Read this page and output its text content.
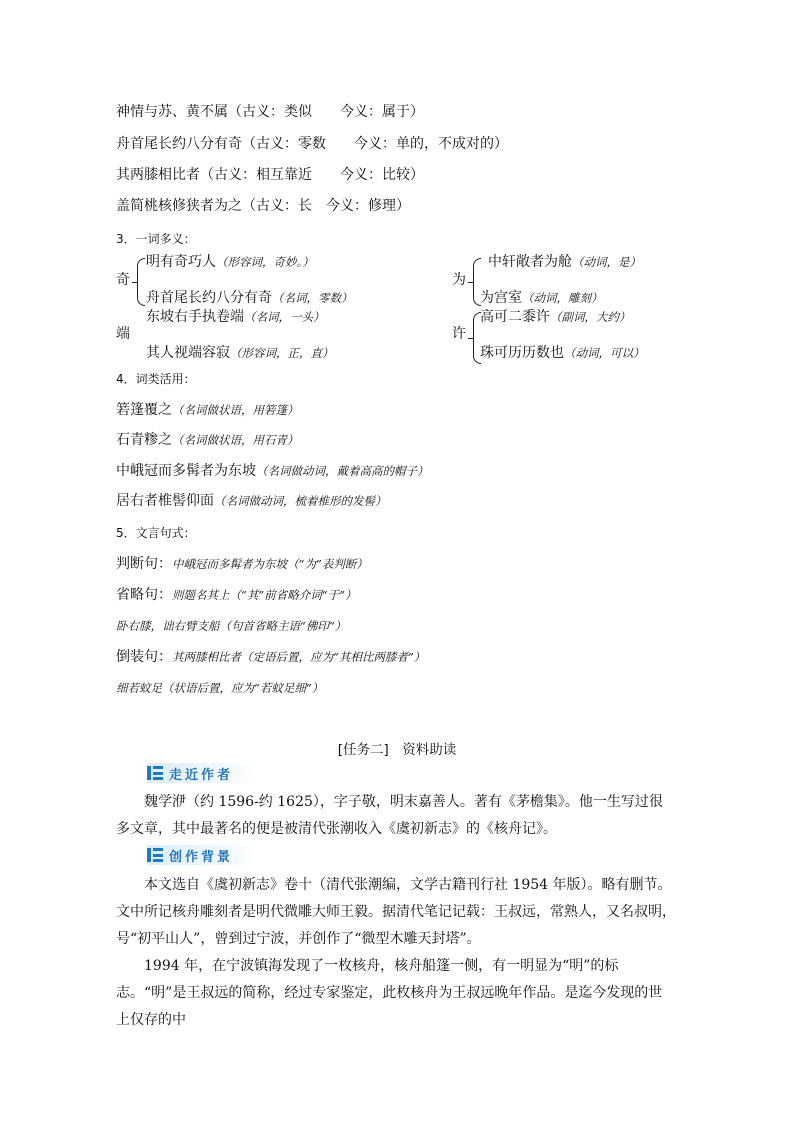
神情与苏、黄不属（古义：类似　　今义：属于）
舟首尾长约八分有奇（古义：零数　　今义：单的，不成对的）
其两膝相比者（古义：相互靠近　　今义：比较）
盖简桃核修狭者为之（古义：长　今义：修理）
3．一词多义：
奇
明有奇巧人（形容词，奇妙。）
舟首尾长约八分有奇（名词，零数）
东坡右手执卷端（名词，一头）
端
其人视端容寂（形容词，正，直）
为
中轩敞者为舱（动词，是）
为宫室（动词，雕刻）
许
高可二黍许（副词，大约）
珠可历历数也（动词，可以）
4．词类活用：
箬篷覆之（名词做状语，用箬篷）
石青糁之（名词做状语，用石青）
中峨冠而多髯者为东坡（名词做动词，戴着高高的帽子）
居右者椎髻仰面（名词做动词，梳着椎形的发髻）
5．文言句式：
判断句：中峨冠而多髯者为东坡（“为”表判断）
省略句：则题名其上（“其”前省略介词“于”）
卧右膝，诎右臂支船（句首省略主语“佛印”）
倒装句：其两膝相比者（定语后置，应为“其相比两膝者”）
细若蚊足（状语后置，应为“若蚊足细”）
[任务二]　资料助读
走近作者
魏学洢（约 1596-约 1625），字子敬，明末嘉善人。著有《茅檐集》。他一生写过很多文章，其中最著名的便是被清代张潮收入《虞初新志》的《核舟记》。
创作背景
本文选自《虞初新志》卷十（清代张潮编，文学古籍刊行社 1954 年版）。略有删节。文中所记核舟雕刻者是明代微雕大师王毅。据清代笔记记载：王叔远，常熟人，又名叔明，号“初平山人”，曾到过宁波，并创作了“微型木雕天封塔”。
1994 年，在宁波镇海发现了一枚核舟，核舟船篷一侧，有一明显为“明”的标志。“明”是王叔远的简称，经过专家鉴定，此枚核舟为王叔远晚年作品。是迄今发现的世上仅存的中
